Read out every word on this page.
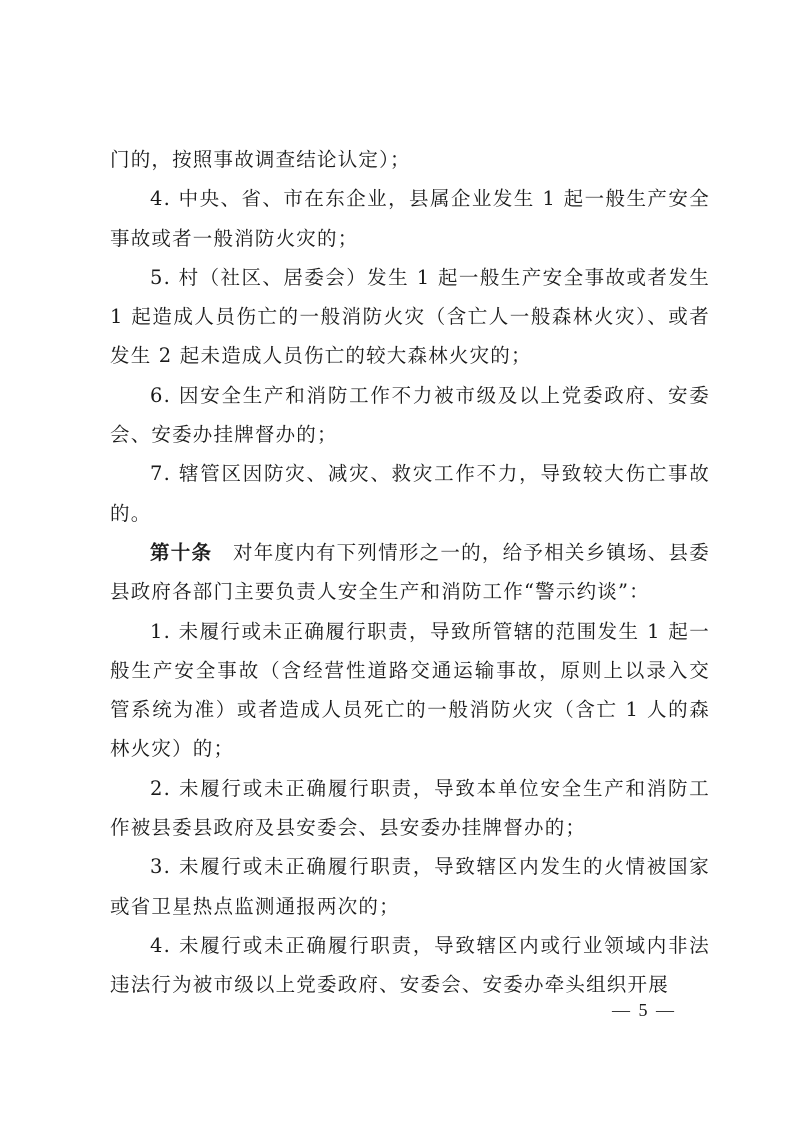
门的，按照事故调查结论认定）；

4. 中央、省、市在东企业，县属企业发生 1 起一般生产安全事故或者一般消防火灾的；

5. 村（社区、居委会）发生 1 起一般生产安全事故或者发生 1 起造成人员伤亡的一般消防火灾（含亡人一般森林火灾）、或者发生 2 起未造成人员伤亡的较大森林火灾的；

6. 因安全生产和消防工作不力被市级及以上党委政府、安委会、安委办挂牌督办的；

7. 辖管区因防灾、减灾、救灾工作不力，导致较大伤亡事故的。

第十条　对年度内有下列情形之一的，给予相关乡镇场、县委县政府各部门主要负责人安全生产和消防工作“警示约谈”：

1. 未履行或未正确履行职责，导致所管辖的范围发生 1 起一般生产安全事故（含经营性道路交通运输事故，原则上以录入交管系统为准）或者造成人员死亡的一般消防火灾（含亡 1 人的森林火灾）的；

2. 未履行或未正确履行职责，导致本单位安全生产和消防工作被县委县政府及县安委会、县安委办挂牌督办的；

3. 未履行或未正确履行职责，导致辖区内发生的火情被国家或省卫星热点监测通报两次的；

4. 未履行或未正确履行职责，导致辖区内或行业领域内非法违法行为被市级以上党委政府、安委会、安委办牵头组织开展

— 5 —
